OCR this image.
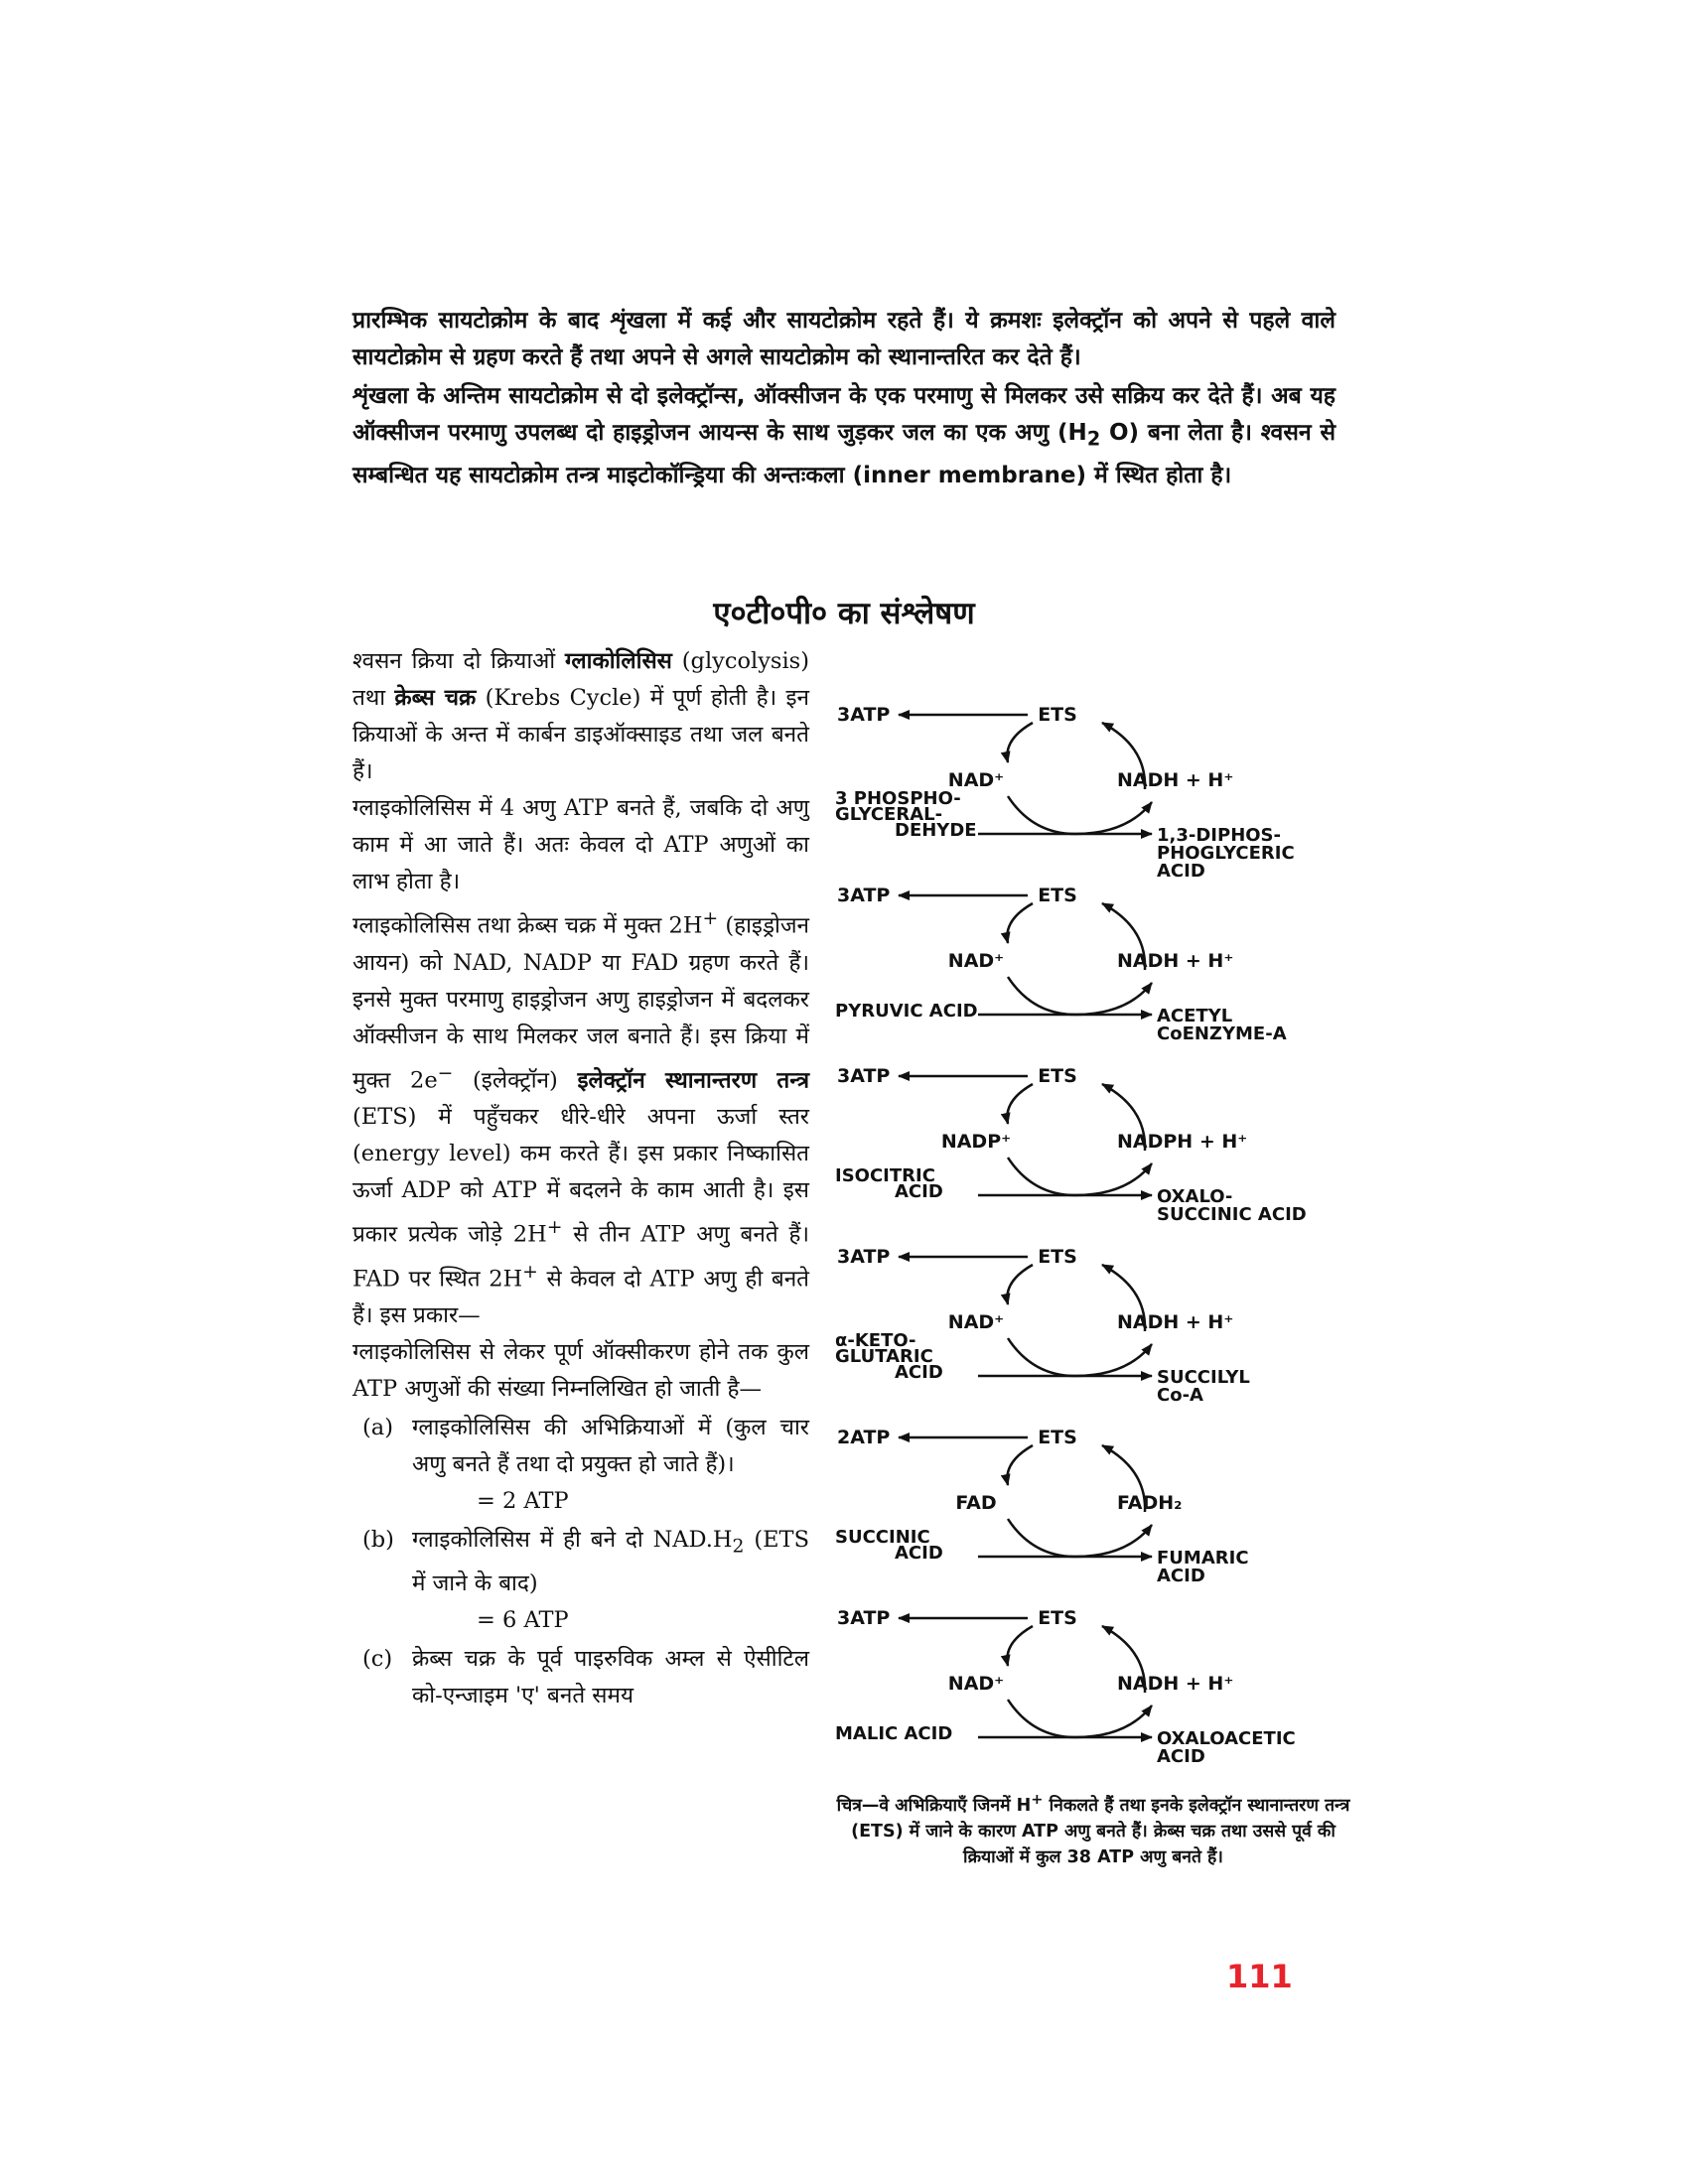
प्रारम्भिक सायटोक्रोम के बाद शृंखला में कई और सायटोक्रोम रहते हैं। ये क्रमशः इलेक्ट्रॉन को अपने से पहले वाले सायटोक्रोम से ग्रहण करते हैं तथा अपने से अगले सायटोक्रोम को स्थानान्तरित कर देते हैं।

शृंखला के अन्तिम सायटोक्रोम से दो इलेक्ट्रॉन्स, ऑक्सीजन के एक परमाणु से मिलकर उसे सक्रिय कर देते हैं। अब यह ऑक्सीजन परमाणु उपलब्ध दो हाइड्रोजन आयन्स के साथ जुड़कर जल का एक अणु ($H_2$ O) बना लेता है। श्वसन से सम्बन्धित यह सायटोक्रोम तन्त्र माइटोकॉन्ड्रिया की अन्तःकला (inner membrane) में स्थित होता है।

ए०टी०पी० का संश्लेषण

श्वसन क्रिया दो क्रियाओं ग्लाकोलिसिस (glycolysis) तथा क्रेब्स चक्र (Krebs Cycle) में पूर्ण होती है। इन क्रियाओं के अन्त में कार्बन डाइऑक्साइड तथा जल बनते हैं।

ग्लाइकोलिसिस में 4 अणु ATP बनते हैं, जबकि दो अणु काम में आ जाते हैं। अतः केवल दो ATP अणुओं का लाभ होता है।

ग्लाइकोलिसिस तथा क्रेब्स चक्र में मुक्त 2H+ (हाइड्रोजन आयन) को NAD, NADP या FAD ग्रहण करते हैं। इनसे मुक्त परमाणु हाइड्रोजन अणु हाइड्रोजन में बदलकर ऑक्सीजन के साथ मिलकर जल बनाते हैं। इस क्रिया में मुक्त 2e− (इलेक्ट्रॉन) इलेक्ट्रॉन स्थानान्तरण तन्त्र (ETS) में पहुँचकर धीरे-धीरे अपना ऊर्जा स्तर (energy level) कम करते हैं। इस प्रकार निष्कासित ऊर्जा ADP को ATP में बदलने के काम आती है। इस प्रकार प्रत्येक जोड़े 2H+ से तीन ATP अणु बनते हैं। FAD पर स्थित 2H+ से केवल दो ATP अणु ही बनते हैं। इस प्रकार—

ग्लाइकोलिसिस से लेकर पूर्ण ऑक्सीकरण होने तक कुल ATP अणुओं की संख्या निम्नलिखित हो जाती है—

(a) ग्लाइकोलिसिस की अभिक्रियाओं में (कुल चार अणु बनते हैं तथा दो प्रयुक्त हो जाते हैं)।

= 2 ATP
(b) ग्लाइकोलिसिस में ही बने दो $NAD.H_2$ (ETS में जाने के बाद)

= 6 ATP
(c) क्रेब्स चक्र के पूर्व पाइरुविक अम्ल से ऐसीटिल को-एन्जाइम 'ए' बनते समय

3ATP	ETS
NAD⁺	NADH + H⁺
3 PHOSPHO-
GLYCERAL-
DEHYDE	1,3-DIPHOS-
PHOGLYCERIC
ACID
3ATP	ETS
NAD⁺	NADH + H⁺
PYRUVIC ACID	ACETYL
CoENZYME-A
3ATP	ETS
NADP⁺	NADPH + H⁺
ISOCITRIC
ACID	OXALO-
SUCCINIC ACID
3ATP	ETS
NAD⁺	NADH + H⁺
α-KETO-
GLUTARIC
ACID	SUCCILYL
Co-A
2ATP	ETS
FAD	FADH₂
SUCCINIC
ACID	FUMARIC
ACID
3ATP	ETS
NAD⁺	NADH + H⁺
MALIC ACID	OXALOACETIC
ACID
चित्र—वे अभिक्रियाएँ जिनमें H+ निकलते हैं तथा इनके इलेक्ट्रॉन स्थानान्तरण तन्त्र (ETS) में जाने के कारण ATP अणु बनते हैं। क्रेब्स चक्र तथा उससे पूर्व की क्रियाओं में कुल 38 ATP अणु बनते हैं।
111
